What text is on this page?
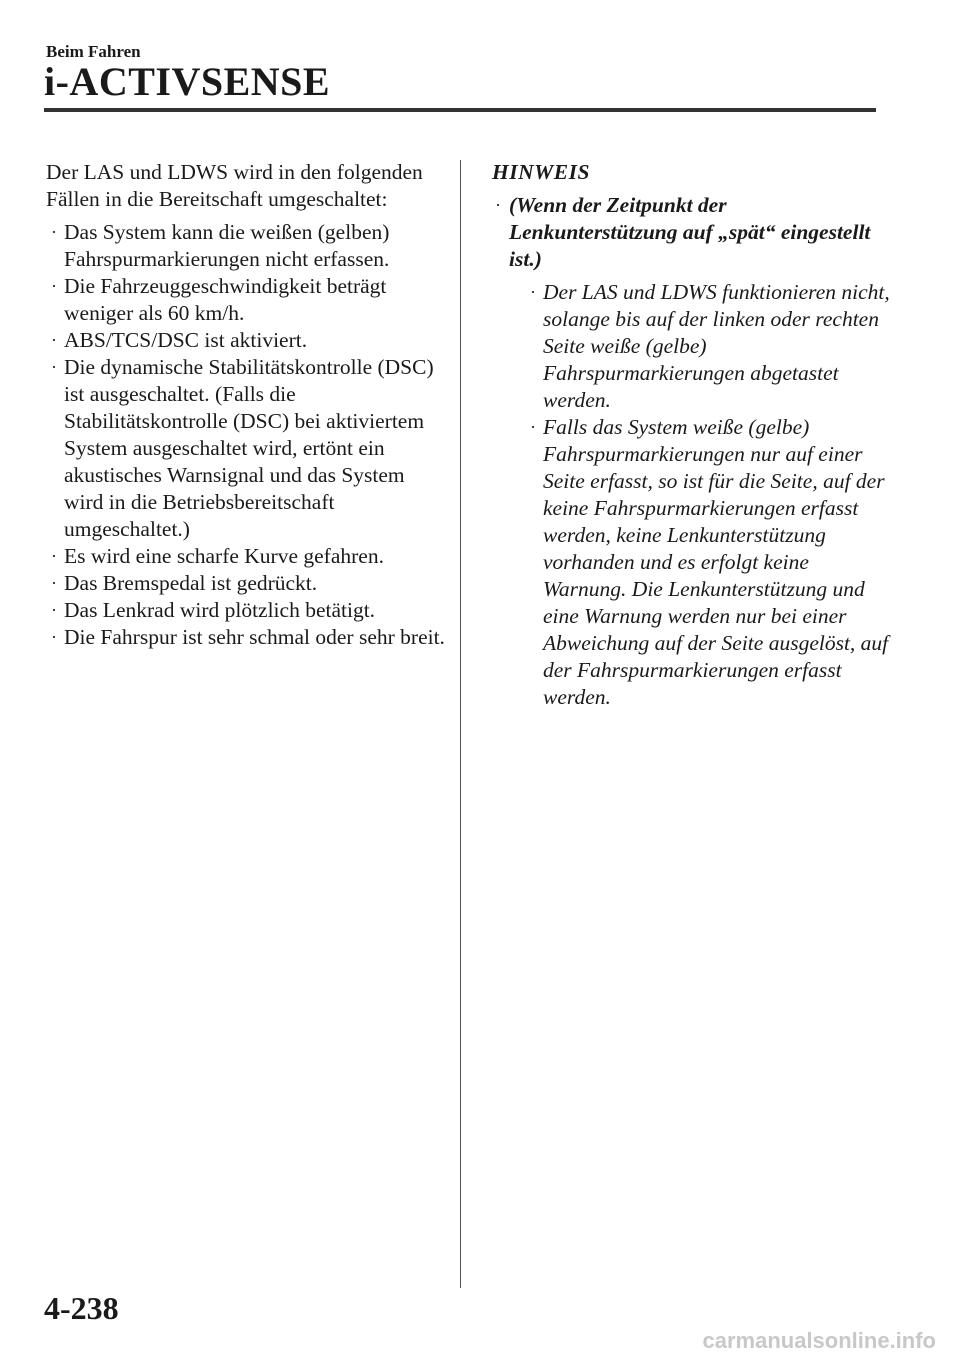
Beim Fahren
i-ACTIVSENSE

Der LAS und LDWS wird in den folgenden Fällen in die Bereitschaft umgeschaltet:

· Das System kann die weißen (gelben) Fahrspurmarkierungen nicht erfassen.
· Die Fahrzeuggeschwindigkeit beträgt weniger als 60 km/h.
· ABS/TCS/DSC ist aktiviert.
· Die dynamische Stabilitätskontrolle (DSC) ist ausgeschaltet. (Falls die Stabilitätskontrolle (DSC) bei aktiviertem System ausgeschaltet wird, ertönt ein akustisches Warnsignal und das System wird in die Betriebsbereitschaft umgeschaltet.)
· Es wird eine scharfe Kurve gefahren.
· Das Bremspedal ist gedrückt.
· Das Lenkrad wird plötzlich betätigt.
· Die Fahrspur ist sehr schmal oder sehr breit.

HINWEIS

· (Wenn der Zeitpunkt der Lenkunterstützung auf „spät“ eingestellt ist.)
· Der LAS und LDWS funktionieren nicht, solange bis auf der linken oder rechten Seite weiße (gelbe) Fahrspurmarkierungen abgetastet werden.
· Falls das System weiße (gelbe) Fahrspurmarkierungen nur auf einer Seite erfasst, so ist für die Seite, auf der keine Fahrspurmarkierungen erfasst werden, keine Lenkunterstützung vorhanden und es erfolgt keine Warnung. Die Lenkunterstützung und eine Warnung werden nur bei einer Abweichung auf der Seite ausgelöst, auf der Fahrspurmarkierungen erfasst werden.
4-238
carmanualsonline.info
